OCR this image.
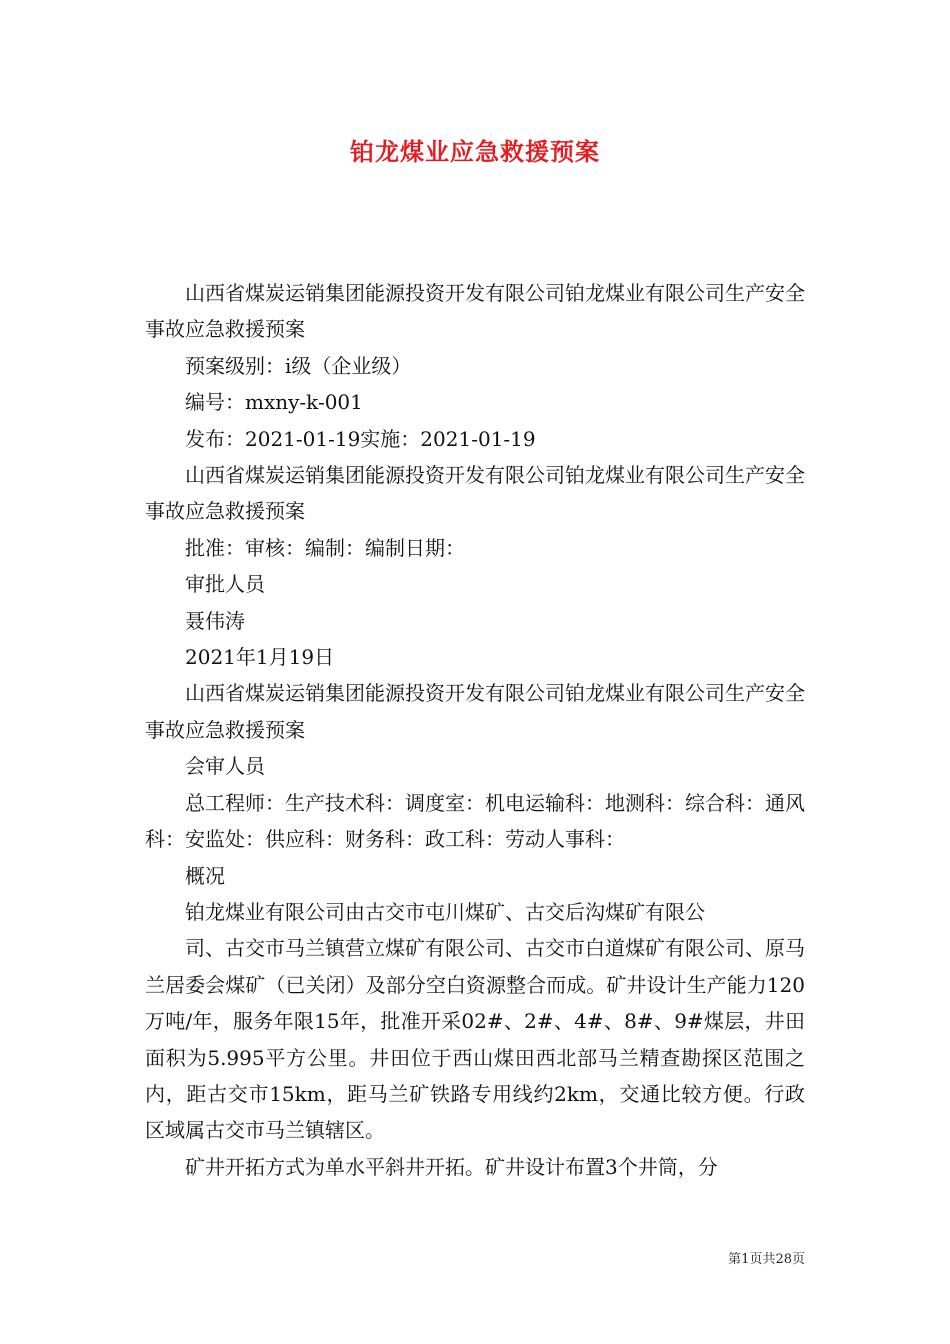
铂龙煤业应急救援预案

山西省煤炭运销集团能源投资开发有限公司铂龙煤业有限公司生产安全事故应急救援预案

预案级别：i级（企业级）

编号：mxny-k-001

发布：2021-01-19实施：2021-01-19

山西省煤炭运销集团能源投资开发有限公司铂龙煤业有限公司生产安全事故应急救援预案

批准：审核：编制：编制日期：

审批人员

聂伟涛

2021年1月19日

山西省煤炭运销集团能源投资开发有限公司铂龙煤业有限公司生产安全事故应急救援预案

会审人员

总工程师：生产技术科：调度室：机电运输科：地测科：综合科：通风科：安监处：供应科：财务科：政工科：劳动人事科：

概况

铂龙煤业有限公司由古交市屯川煤矿、古交后沟煤矿有限公

司、古交市马兰镇营立煤矿有限公司、古交市白道煤矿有限公司、原马兰居委会煤矿（已关闭）及部分空白资源整合而成。矿井设计生产能力120万吨/年，服务年限15年，批准开采02#、2#、4#、8#、9#煤层，井田面积为5.995平方公里。井田位于西山煤田西北部马兰精查勘探区范围之内，距古交市15km，距马兰矿铁路专用线约2km，交通比较方便。行政区域属古交市马兰镇辖区。

矿井开拓方式为单水平斜井开拓。矿井设计布置3个井筒，分

第1页共28页
